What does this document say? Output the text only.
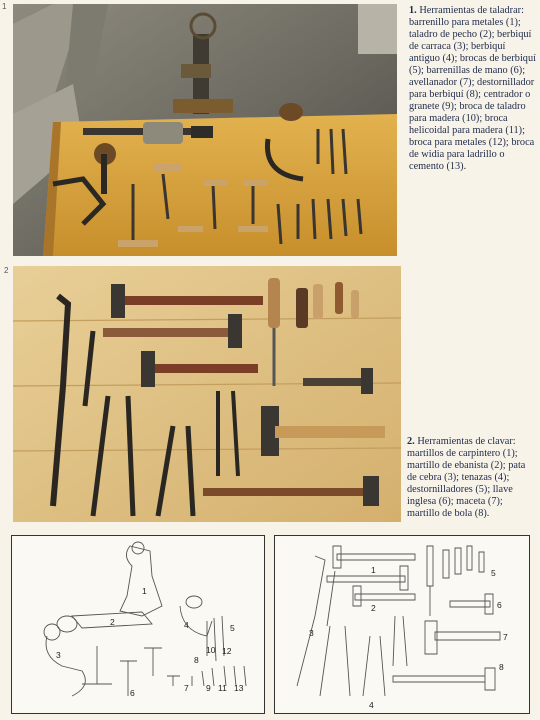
1
2
1. Herramientas de taladrar: barrenillo para metales (1); taladro de pecho (2); berbiquí de carraca (3); berbiquí antiguo (4); brocas de berbiquí (5); barrenillas de mano (6); avellanador (7); destornillador para berbiquí (8); centrador o granete (9); broca de taladro para madera (10); broca helicoidal para madera (11); broca para metales (12); broca de widia para ladrillo o cemento (13).
2. Herramientas de clavar: martillos de carpintero (1); martillo de ebanista (2); pata de cebra (3); tenazas (4); destornilladores (5); llave inglesa (6); maceta (7); martillo de bola (8).
1
2
3
4	5
6	7
8
9
10
11
12
13
1
2
3
4
5
6
7
8
